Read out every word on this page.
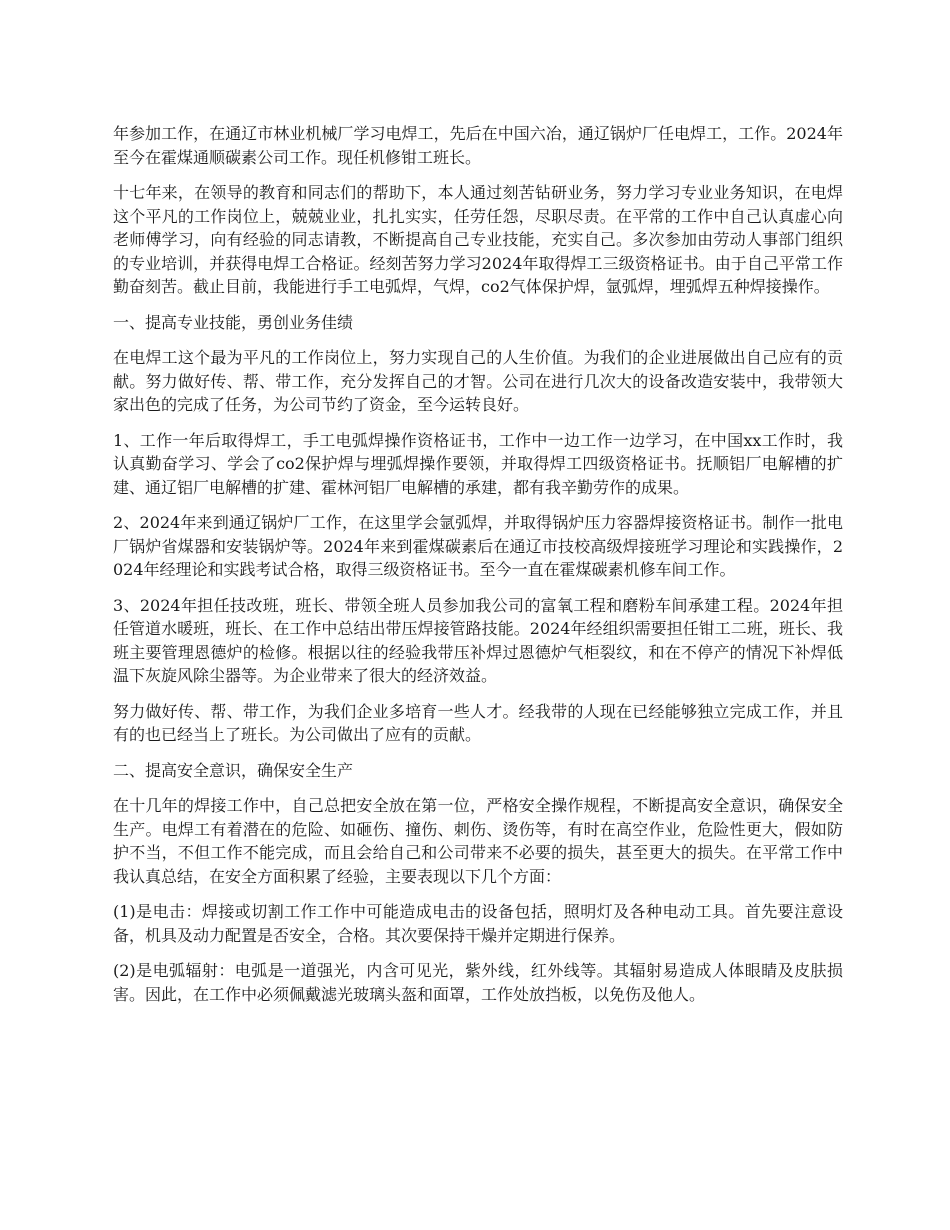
年参加工作，在通辽市林业机械厂学习电焊工，先后在中国六冶，通辽锅炉厂任电焊工，工作。2024年至今在霍煤通顺碳素公司工作。现任机修钳工班长。

十七年来，在领导的教育和同志们的帮助下，本人通过刻苦钻研业务，努力学习专业业务知识，在电焊这个平凡的工作岗位上，兢兢业业，扎扎实实，任劳任怨，尽职尽责。在平常的工作中自己认真虚心向老师傅学习，向有经验的同志请教，不断提高自己专业技能，充实自己。多次参加由劳动人事部门组织的专业培训，并获得电焊工合格证。经刻苦努力学习2024年取得焊工三级资格证书。由于自己平常工作勤奋刻苦。截止目前，我能进行手工电弧焊，气焊，co2气体保护焊，氩弧焊，埋弧焊五种焊接操作。

一、提高专业技能，勇创业务佳绩

在电焊工这个最为平凡的工作岗位上，努力实现自己的人生价值。为我们的企业进展做出自己应有的贡献。努力做好传、帮、带工作，充分发挥自己的才智。公司在进行几次大的设备改造安装中，我带领大家出色的完成了任务，为公司节约了资金，至今运转良好。

1、工作一年后取得焊工，手工电弧焊操作资格证书，工作中一边工作一边学习，在中国xx工作时，我认真勤奋学习、学会了co2保护焊与埋弧焊操作要领，并取得焊工四级资格证书。抚顺铝厂电解槽的扩建、通辽铝厂电解槽的扩建、霍林河铝厂电解槽的承建，都有我辛勤劳作的成果。

2、2024年来到通辽锅炉厂工作，在这里学会氩弧焊，并取得锅炉压力容器焊接资格证书。制作一批电厂锅炉省煤器和安装锅炉等。2024年来到霍煤碳素后在通辽市技校高级焊接班学习理论和实践操作，2024年经理论和实践考试合格，取得三级资格证书。至今一直在霍煤碳素机修车间工作。

3、2024年担任技改班，班长、带领全班人员参加我公司的富氧工程和磨粉车间承建工程。2024年担任管道水暖班，班长、在工作中总结出带压焊接管路技能。2024年经组织需要担任钳工二班，班长、我班主要管理恩德炉的检修。根据以往的经验我带压补焊过恩德炉气柜裂纹，和在不停产的情况下补焊低温下灰旋风除尘器等。为企业带来了很大的经济效益。

努力做好传、帮、带工作，为我们企业多培育一些人才。经我带的人现在已经能够独立完成工作，并且有的也已经当上了班长。为公司做出了应有的贡献。

二、提高安全意识，确保安全生产

在十几年的焊接工作中，自己总把安全放在第一位，严格安全操作规程，不断提高安全意识，确保安全生产。电焊工有着潜在的危险、如砸伤、撞伤、刺伤、烫伤等，有时在高空作业，危险性更大，假如防护不当，不但工作不能完成，而且会给自己和公司带来不必要的损失，甚至更大的损失。在平常工作中我认真总结，在安全方面积累了经验，主要表现以下几个方面：

(1)是电击：焊接或切割工作工作中可能造成电击的设备包括，照明灯及各种电动工具。首先要注意设备，机具及动力配置是否安全，合格。其次要保持干燥并定期进行保养。

(2)是电弧辐射：电弧是一道强光，内含可见光，紫外线，红外线等。其辐射易造成人体眼睛及皮肤损害。因此，在工作中必须佩戴滤光玻璃头盔和面罩，工作处放挡板，以免伤及他人。
